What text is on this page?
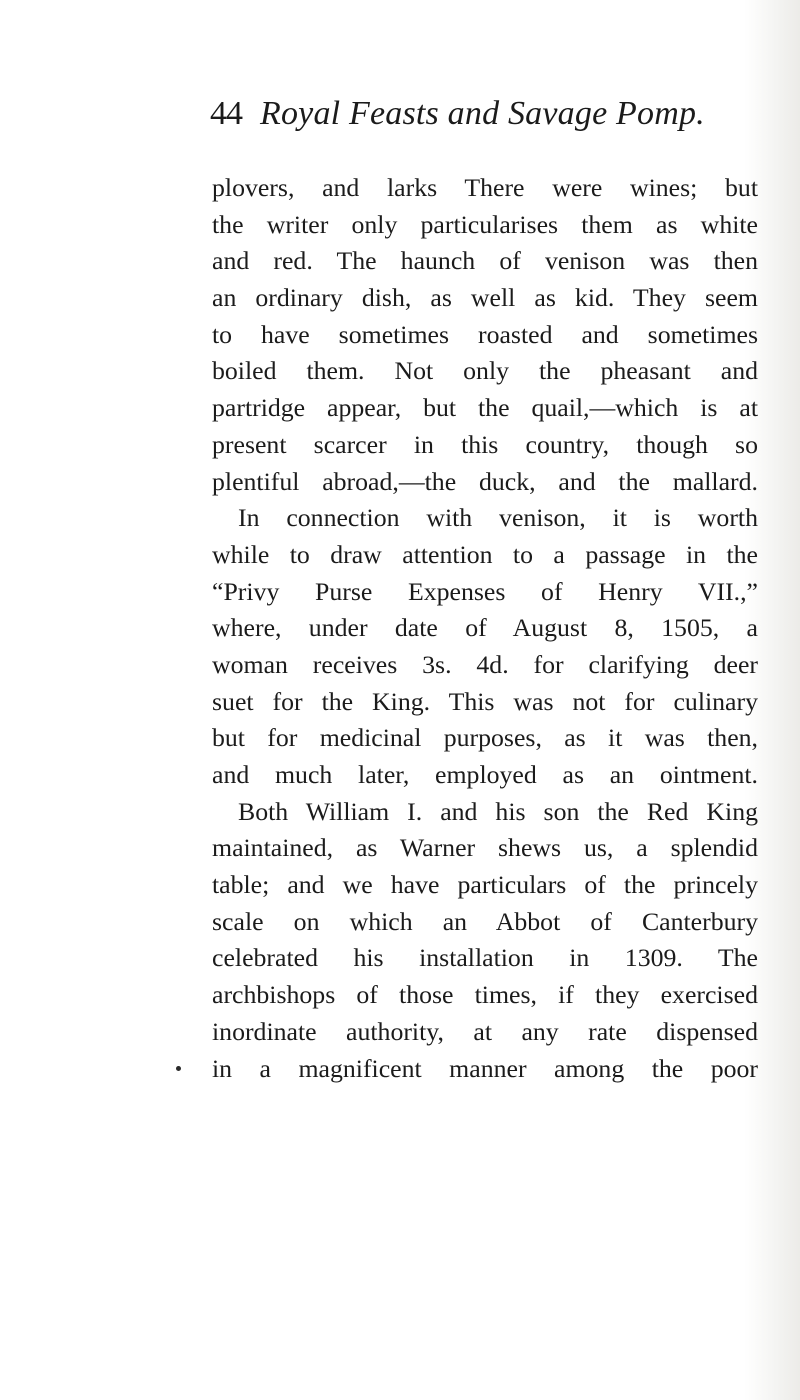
44 Royal Feasts and Savage Pomp.
plovers, and larks There were wines; but
the writer only particularises them as white
and red. The haunch of venison was then
an ordinary dish, as well as kid. They seem
to have sometimes roasted and sometimes
boiled them. Not only the pheasant and
partridge appear, but the quail,—which is at
present scarcer in this country, though so
plentiful abroad,—the duck, and the mallard.
In connection with venison, it is worth
while to draw attention to a passage in the
“Privy Purse Expenses of Henry VII.,”
where, under date of August 8, 1505, a
woman receives 3s. 4d. for clarifying deer
suet for the King. This was not for culinary
but for medicinal purposes, as it was then,
and much later, employed as an ointment.
Both William I. and his son the Red King
maintained, as Warner shews us, a splendid
table; and we have particulars of the princely
scale on which an Abbot of Canterbury
celebrated his installation in 1309. The
archbishops of those times, if they exercised
inordinate authority, at any rate dispensed
in a magnificent manner among the poor
